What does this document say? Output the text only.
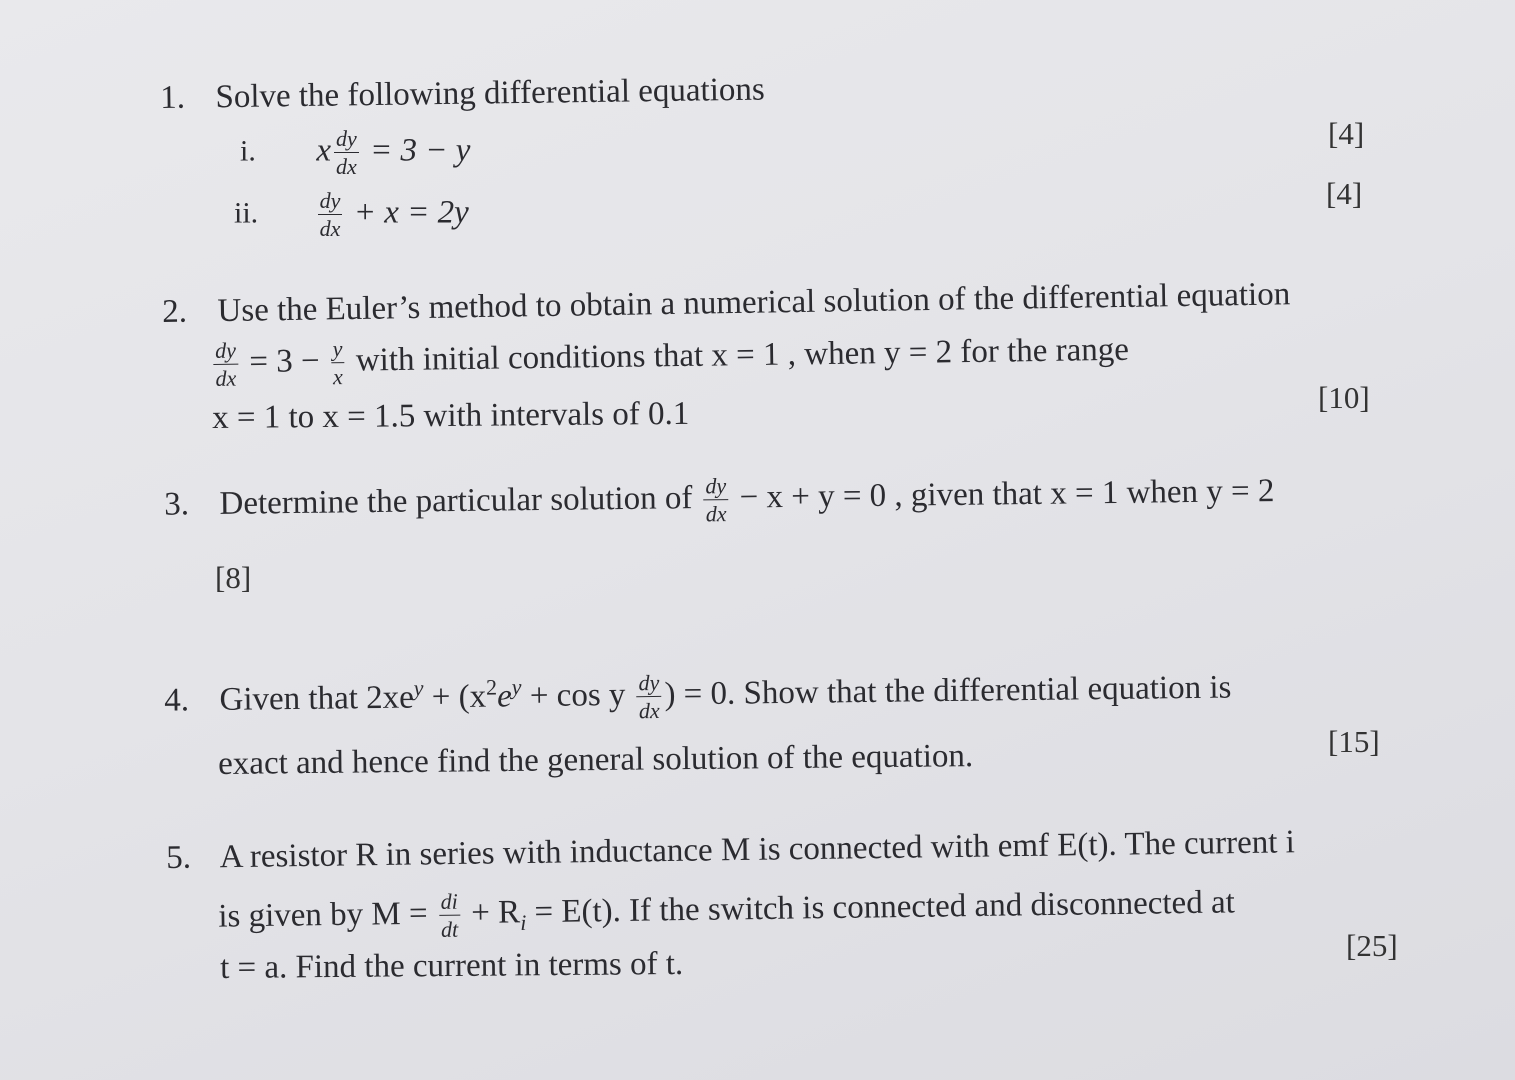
1. Solve the following differential equations
i. x $\frac{dy}{dx} = 3 - y$	[4]
ii.	$\frac{dy}{dx} + x = 2y$
[4]
2. Use the Euler’s method to obtain a numerical solution of the differential equation
$\frac{dy}{dx} = 3 - \frac{y}{x}$ with initial conditions that x = 1 , when y = 2 for the range
x = 1 to x = 1.5 with intervals of 0.1	[10]
3. Determine the particular solution of $\frac{dy}{dx} - x + y = 0$ , given that x = 1 when y = 2
[8]
4. Given that $2xe^y + (x^2e^y + \cos y \frac{dy}{dx}$ ) = 0. Show that the differential equation is
exact and hence find the general solution of the equation.	[15]
5. A resistor R in series with inductance M is connected with emf E(t). The current i
is given by $M = \frac{di}{dt} + R_i = E(t)$. If the switch is connected and disconnected at
t = a. Find the current in terms of t.
[25]
